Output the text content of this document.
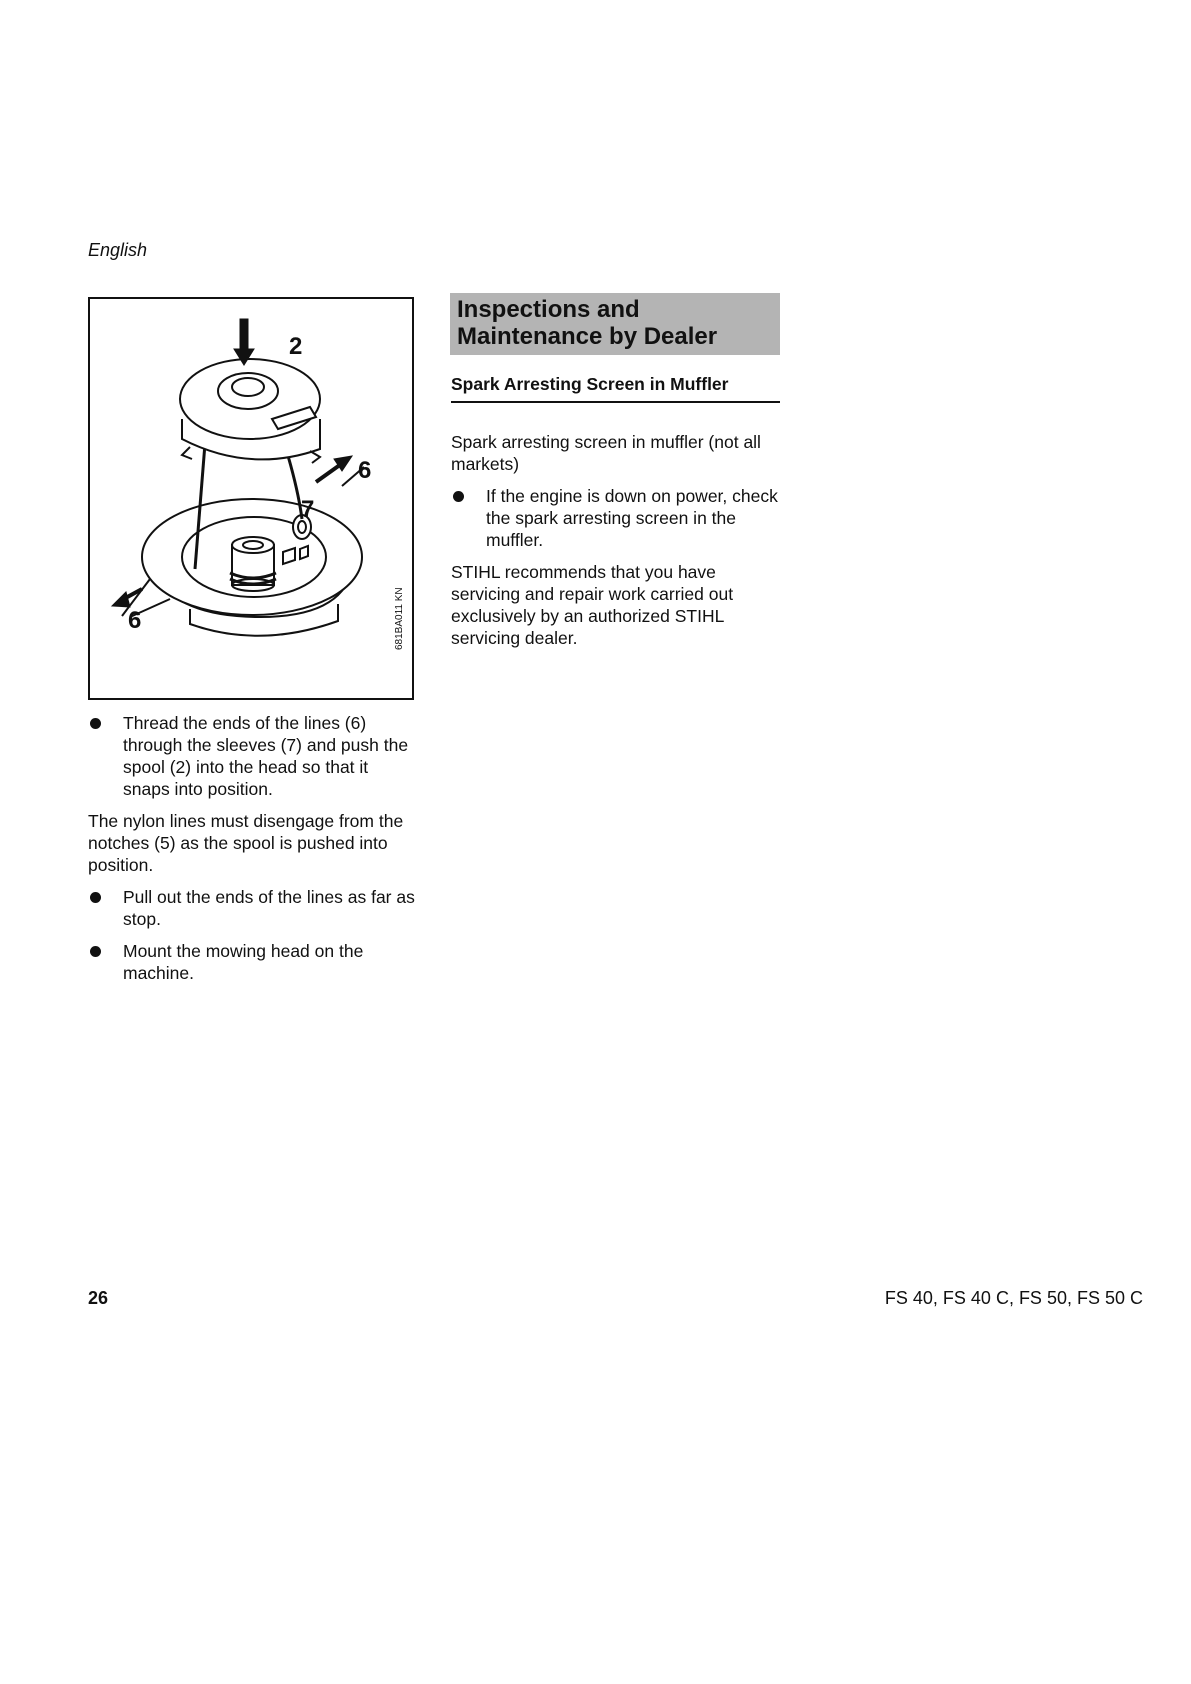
English
2
6
7
6	681BA011 KN
Thread the ends of the lines (6) through the sleeves (7) and push the spool (2) into the head so that it snaps into position.

The nylon lines must disengage from the notches (5) as the spool is pushed into position.

Pull out the ends of the lines as far as stop.
Mount the mowing head on the machine.
Inspections and
Maintenance by Dealer
Spark Arresting Screen in Muffler

Spark arresting screen in muffler (not all markets)

If the engine is down on power, check the spark arresting screen in the muffler.

STIHL recommends that you have servicing and repair work carried out exclusively by an authorized STIHL servicing dealer.

26	FS 40, FS 40 C, FS 50, FS 50 C
